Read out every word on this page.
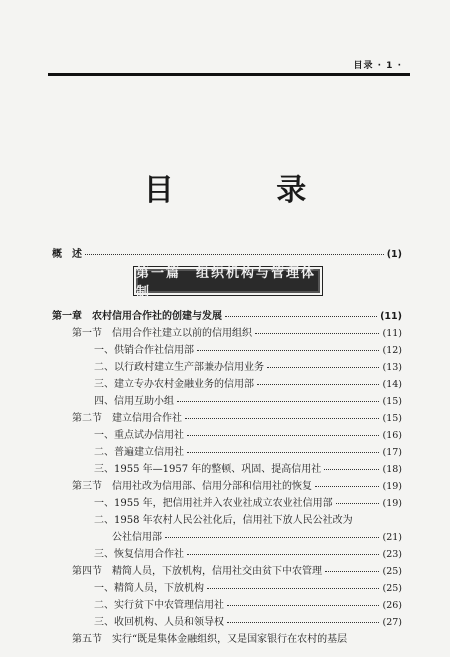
目录 · 1 ·
目 录
概　述	(1)
第一篇　组织机构与管理体制
第一章　农村信用合作社的创建与发展	(11)
第一节　信用合作社建立以前的信用组织	(11)
一、供销合作社信用部	(12)
二、以行政村建立生产部兼办信用业务	(13)
三、建立专办农村金融业务的信用部	(14)
四、信用互助小组	(15)
第二节　建立信用合作社	(15)
一、重点试办信用社	(16)
二、普遍建立信用社	(17)
三、1955 年—1957 年的整顿、巩固、提高信用社	(18)
第三节　信用社改为信用部、信用分部和信用社的恢复	(19)
一、1955 年，把信用社并入农业社成立农业社信用部	(19)
二、1958 年农村人民公社化后，信用社下放人民公社改为
公社信用部	(21)
三、恢复信用合作社	(23)
第四节　精简人员，下放机构，信用社交由贫下中农管理	(25)
一、精简人员，下放机构	(25)
二、实行贫下中农管理信用社	(26)
三、收回机构、人员和领导权	(27)
第五节　实行“既是集体金融组织，又是国家银行在农村的基层
